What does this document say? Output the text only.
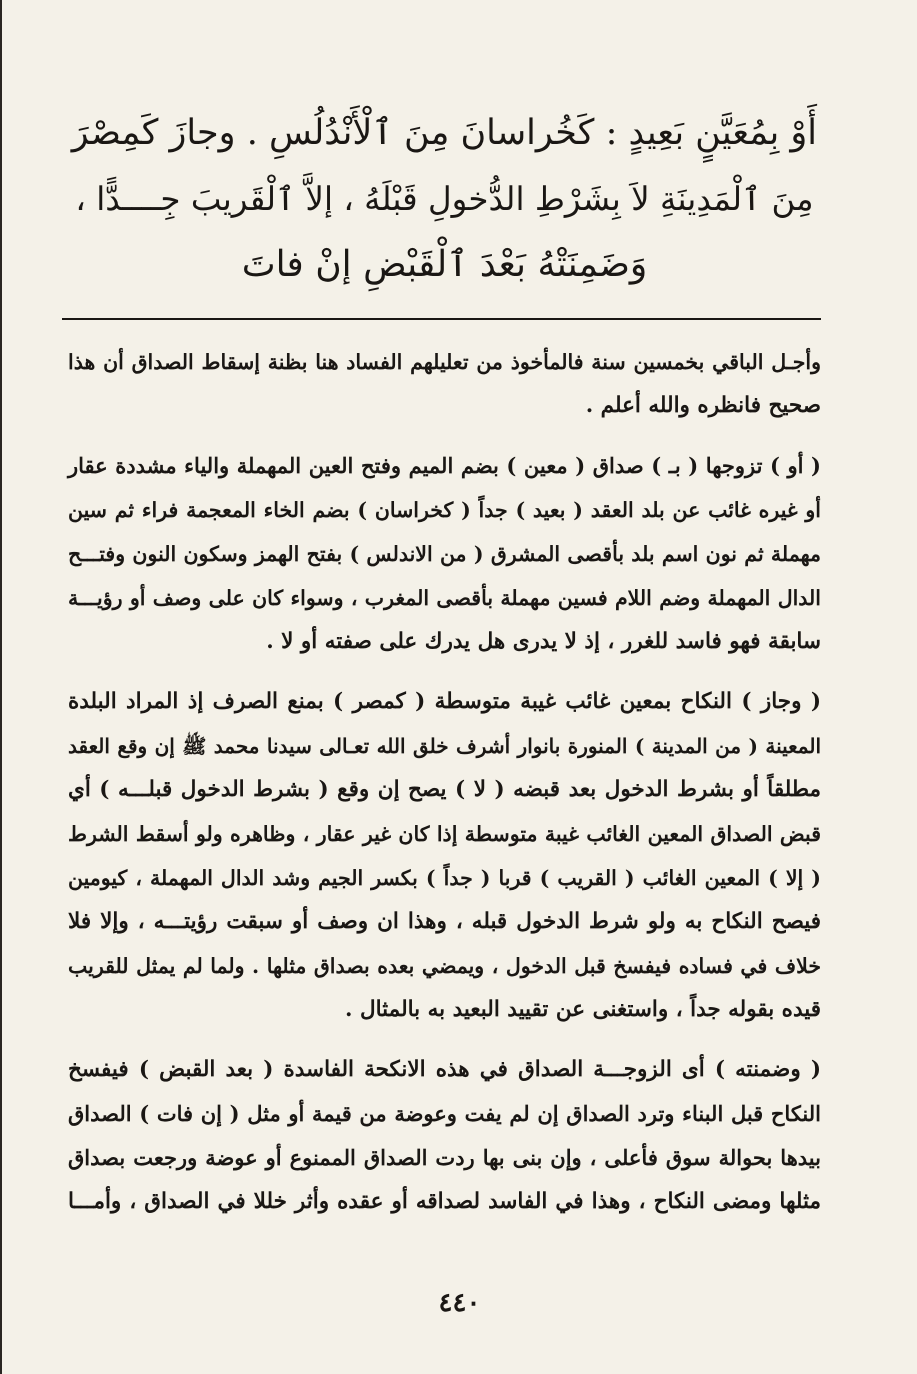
أَوْ بِمُعَيَّنٍ بَعِيدٍ : كَخُراسانَ مِنَ ٱلْأَنْدُلُسِ . وجازَ كَمِصْرَ
مِنَ ٱلْمَدِينَةِ لاَ بِشَرْطِ الدُّخولِ قَبْلَهُ ، إلاَّ ٱلْقَريبَ جِــــدًّا ،
وَضَمِنَتْهُ بَعْدَ ٱلْقَبْضِ إنْ فاتَ
وأجـل الباقي بخمسين سنة فالمأخوذ من تعليلهم الفساد هنا بظنة إسقاط الصداق أن هذا
صحيح فانظره والله أعلم .
( أو ) تزوجها ( بـ ) صداق ( معين ) بضم الميم وفتح العين المهملة والياء مشددة عقار
أو غيره غائب عن بلد العقد ( بعيد ) جداً ( كخراسان ) بضم الخاء المعجمة فراء ثم سين
مهملة ثم نون اسم بلد بأقصى المشرق ( من الاندلس ) بفتح الهمز وسكون النون وفتـــح
الدال المهملة وضم اللام فسين مهملة بأقصى المغرب ، وسواء كان على وصف أو رؤيـــة
سابقة فهو فاسد للغرر ، إذ لا يدرى هل يدرك على صفته أو لا .
( وجاز ) النكاح بمعين غائب غيبة متوسطة ( كمصر ) بمنع الصرف إذ المراد البلدة
المعينة ( من المدينة ) المنورة بانوار أشرف خلق الله تعـالى سيدنا محمد ﷺ إن وقع العقد
مطلقاً أو بشرط الدخول بعد قبضه ( لا ) يصح إن وقع ( بشرط الدخول قبلـــه ) أي
قبض الصداق المعين الغائب غيبة متوسطة إذا كان غير عقار ، وظاهره ولو أسقط الشرط
( إلا ) المعين الغائب ( القريب ) قربا ( جداً ) بكسر الجيم وشد الدال المهملة ، كيومين
فيصح النكاح به ولو شرط الدخول قبله ، وهذا ان وصف أو سبقت رؤيتـــه ، وإلا فلا
خلاف في فساده فيفسخ قبل الدخول ، ويمضي بعده بصداق مثلها . ولما لم يمثل للقريب
قيده بقوله جداً ، واستغنى عن تقييد البعيد به بالمثال .
( وضمنته ) أى الزوجـــة الصداق في هذه الانكحة الفاسدة ( بعد القبض ) فيفسخ
النكاح قبل البناء وترد الصداق إن لم يفت وعوضة من قيمة أو مثل ( إن فات ) الصداق
بيدها بحوالة سوق فأعلى ، وإن بنى بها ردت الصداق الممنوع أو عوضة ورجعت بصداق
مثلها ومضى النكاح ، وهذا في الفاسد لصداقه أو عقده وأثر خللا في الصداق ، وأمـــا
٤٤٠
